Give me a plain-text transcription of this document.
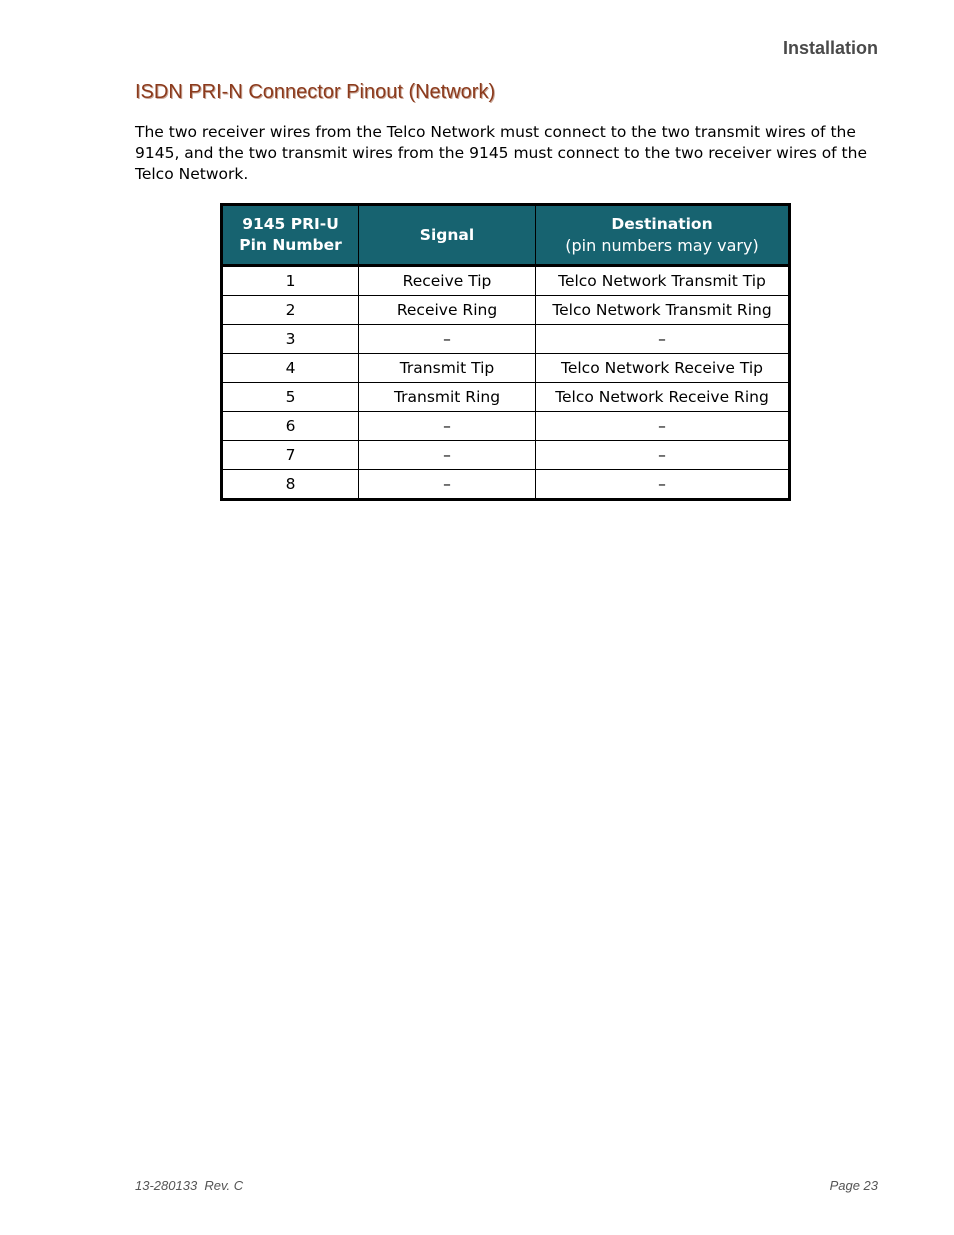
Installation
ISDN PRI-N Connector Pinout (Network)

The two receiver wires from the Telco Network must connect to the two transmit wires of the 9145, and the two transmit wires from the 9145 must connect to the two receiver wires of the Telco Network.

9145 PRI-U
Pin Number	Signal	Destination
(pin numbers may vary)

1	Receive Tip	Telco Network Transmit Tip
2	Receive Ring	Telco Network Transmit Ring
3	–	–
4	Transmit Tip	Telco Network Receive Tip
5	Transmit Ring	Telco Network Receive Ring
6	–	–
7	–	–
8	–	–
13-280133  Rev. C	Page 23
